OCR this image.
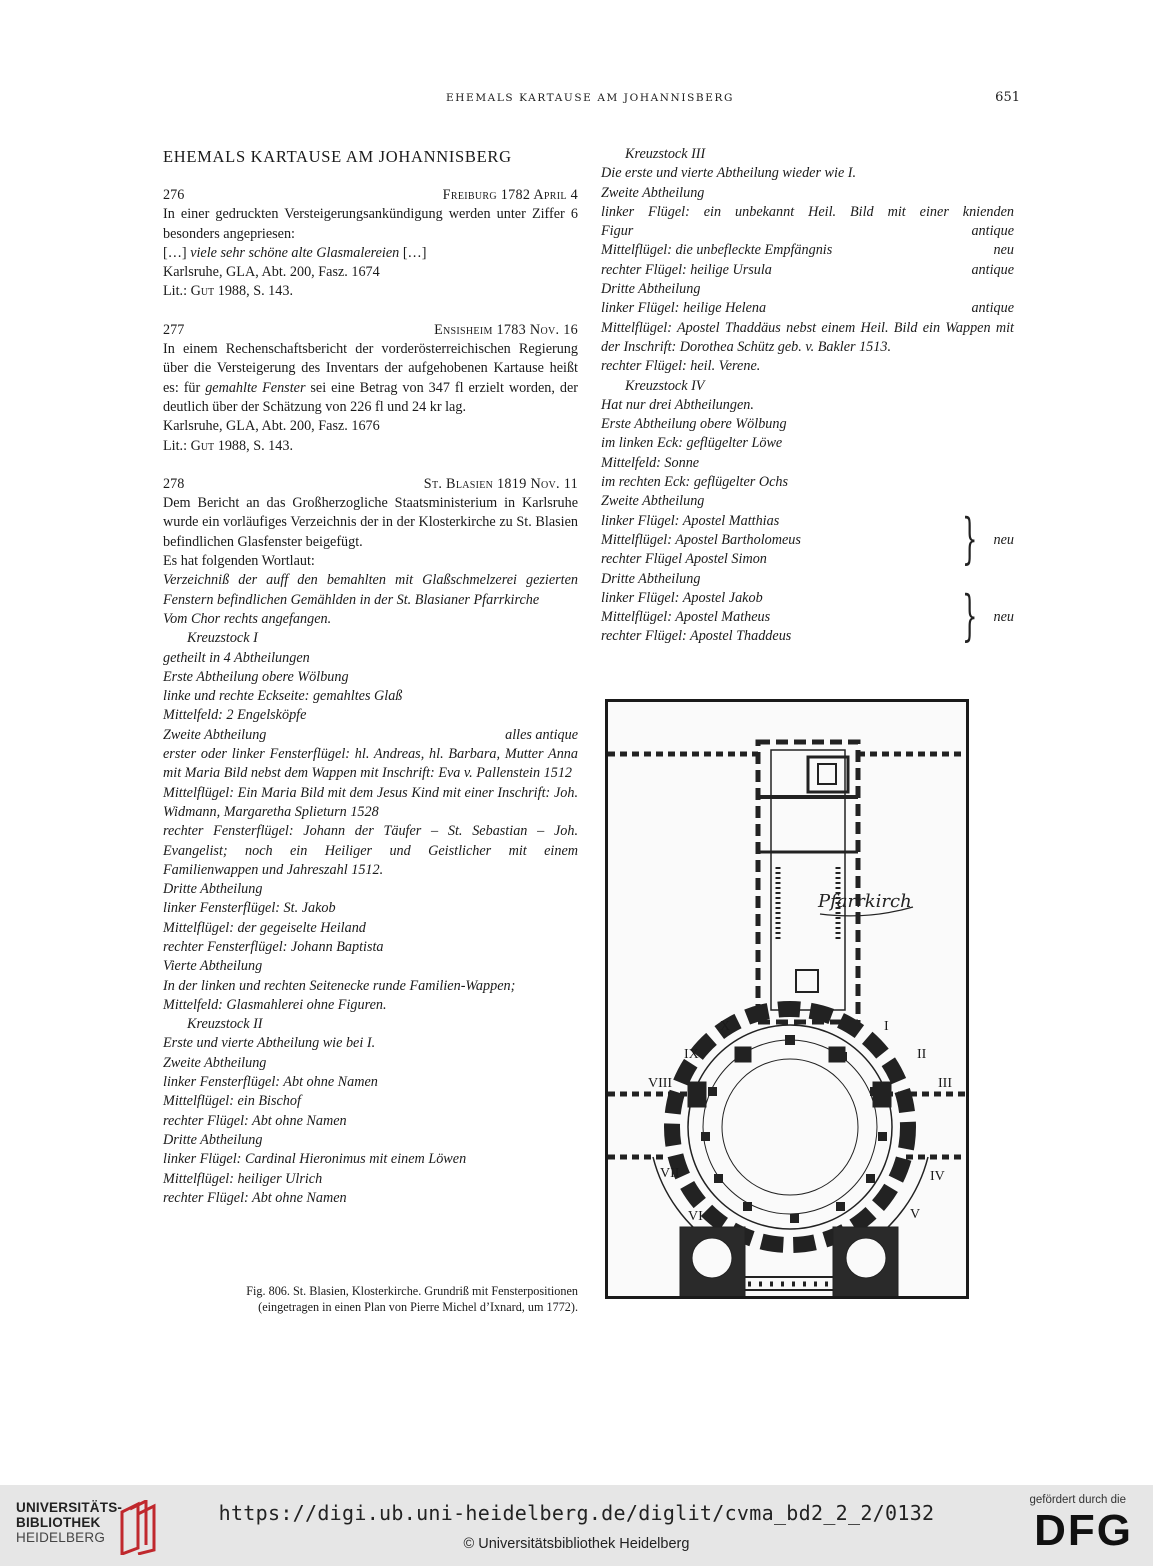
EHEMALS KARTAUSE AM JOHANNISBERG	651
EHEMALS KARTAUSE AM JOHANNISBERG
276	Freiburg 1782 April 4
In einer gedruckten Versteigerungsankündigung werden unter Ziffer 6 besonders angepriesen:
[…] viele sehr schöne alte Glasmalereien […]
Karlsruhe, GLA, Abt. 200, Fasz. 1674
Lit.: Gut 1988, S. 143.
277	Ensisheim 1783 Nov. 16
In einem Rechenschaftsbericht der vorderösterreichischen Regierung über die Versteigerung des Inventars der aufgehobenen Kartause heißt es: für gemahlte Fenster sei eine Betrag von 347 fl erzielt worden, der deutlich über der Schätzung von 226 fl und 24 kr lag.
Karlsruhe, GLA, Abt. 200, Fasz. 1676
Lit.: Gut 1988, S. 143.
278	St. Blasien 1819 Nov. 11
Dem Bericht an das Großherzogliche Staatsministerium in Karlsruhe wurde ein vorläufiges Verzeichnis der in der Klosterkirche zu St. Blasien befindlichen Glasfenster beigefügt.
Es hat folgenden Wortlaut:
Verzeichniß der auff den bemahlten mit Glaßschmelzerei gezierten Fenstern befindlichen Gemählden in der St. Blasianer Pfarrkirche
Vom Chor rechts angefangen.
Kreuzstock I
getheilt in 4 Abtheilungen
Erste Abtheilung obere Wölbung
linke und rechte Eckseite: gemahltes Glaß
Mittelfeld: 2 Engelsköpfe
Zweite Abtheilung	alles antique
erster oder linker Fensterflügel: hl. Andreas, hl. Barbara, Mutter Anna mit Maria Bild nebst dem Wappen mit Inschrift: Eva v. Pallenstein 1512
Mittelflügel: Ein Maria Bild mit dem Jesus Kind mit einer Inschrift: Joh. Widmann, Margaretha Splieturn 1528
rechter Fensterflügel: Johann der Täufer – St. Sebastian – Joh. Evangelist; noch ein Heiliger und Geistlicher mit einem Familienwappen und Jahreszahl 1512.
Dritte Abtheilung
linker Fensterflügel: St. Jakob
Mittelflügel: der gegeiselte Heiland
rechter Fensterflügel: Johann Baptista
Vierte Abtheilung
In der linken und rechten Seitenecke runde Familien-Wappen;
Mittelfeld: Glasmahlerei ohne Figuren.
Kreuzstock II
Erste und vierte Abtheilung wie bei I.
Zweite Abtheilung
linker Fensterflügel: Abt ohne Namen
Mittelflügel: ein Bischof
rechter Flügel: Abt ohne Namen
Dritte Abtheilung
linker Flügel: Cardinal Hieronimus mit einem Löwen
Mittelflügel: heiliger Ulrich
rechter Flügel: Abt ohne Namen
Kreuzstock III
Die erste und vierte Abtheilung wieder wie I.
Zweite Abtheilung
linker Flügel: ein unbekannt Heil. Bild mit einer knienden
Figur	antique
Mittelflügel: die unbefleckte Empfängnis	neu
rechter Flügel: heilige Ursula	antique
Dritte Abtheilung
linker Flügel: heilige Helena	antique
Mittelflügel: Apostel Thaddäus nebst einem Heil. Bild ein Wappen mit der Inschrift: Dorothea Schütz geb. v. Bakler 1513.
rechter Flügel: heil. Verene.
Kreuzstock IV
Hat nur drei Abtheilungen.
Erste Abtheilung obere Wölbung
im linken Eck: geflügelter Löwe
Mittelfeld: Sonne
im rechten Eck: geflügelter Ochs
Zweite Abtheilung
linker Flügel: Apostel Matthias
Mittelflügel: Apostel Bartholomeus
rechter Flügel Apostel Simon	} neu
Dritte Abtheilung
linker Flügel: Apostel Jakob
Mittelflügel: Apostel Matheus
rechter Flügel: Apostel Thaddeus	} neu
Pfarrkirch
X	I
IX	II
VIII	III
VII	IV
VI	V
Fig. 806. St. Blasien, Klosterkirche. Grundriß mit Fensterpositionen
(eingetragen in einen Plan von Pierre Michel d’Ixnard, um 1772).
UNIVERSITÄTS-
BIBLIOTHEK
HEIDELBERG
https://digi.ub.uni-heidelberg.de/diglit/cvma_bd2_2_2/0132
© Universitätsbibliothek Heidelberg
gefördert durch die
DFG
